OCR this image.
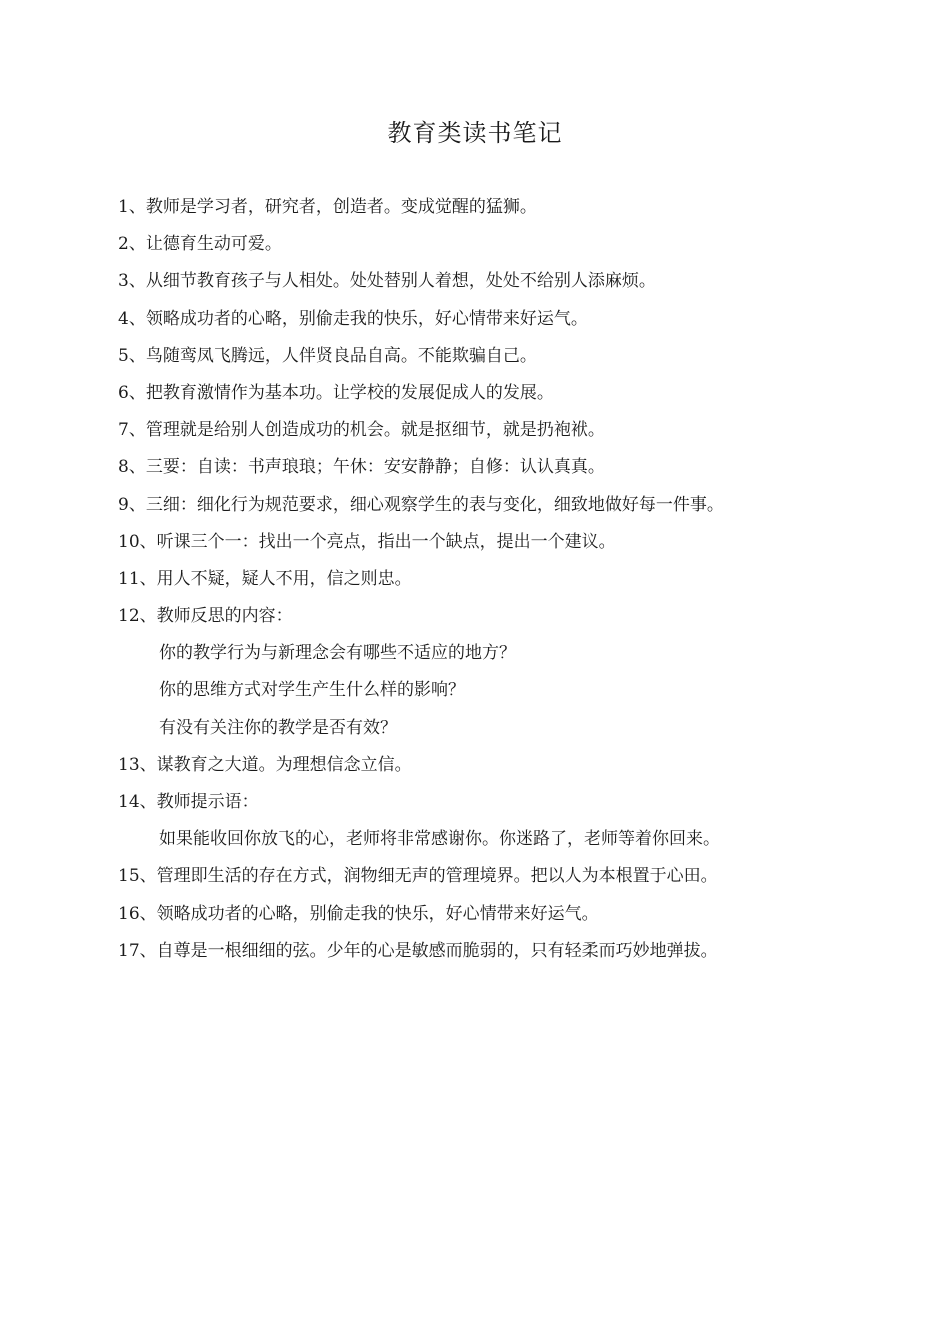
教育类读书笔记
1、教师是学习者，研究者，创造者。变成觉醒的猛狮。
2、让德育生动可爱。
3、从细节教育孩子与人相处。处处替别人着想，处处不给别人添麻烦。
4、领略成功者的心略，别偷走我的快乐，好心情带来好运气。
5、鸟随鸾凤飞腾远，人伴贤良品自高。不能欺骗自己。
6、把教育激情作为基本功。让学校的发展促成人的发展。
7、管理就是给别人创造成功的机会。就是抠细节，就是扔袍袱。
8、三要：自读：书声琅琅；午休：安安静静；自修：认认真真。
9、三细：细化行为规范要求，细心观察学生的表与变化，细致地做好每一件事。
10、听课三个一：找出一个亮点，指出一个缺点，提出一个建议。
11、用人不疑，疑人不用，信之则忠。
12、教师反思的内容：
你的教学行为与新理念会有哪些不适应的地方？
你的思维方式对学生产生什么样的影响？
有没有关注你的教学是否有效？
13、谋教育之大道。为理想信念立信。
14、教师提示语：
如果能收回你放飞的心，老师将非常感谢你。你迷路了，老师等着你回来。
15、管理即生活的存在方式，润物细无声的管理境界。把以人为本根置于心田。
16、领略成功者的心略，别偷走我的快乐，好心情带来好运气。
17、自尊是一根细细的弦。少年的心是敏感而脆弱的，只有轻柔而巧妙地弹拔。
